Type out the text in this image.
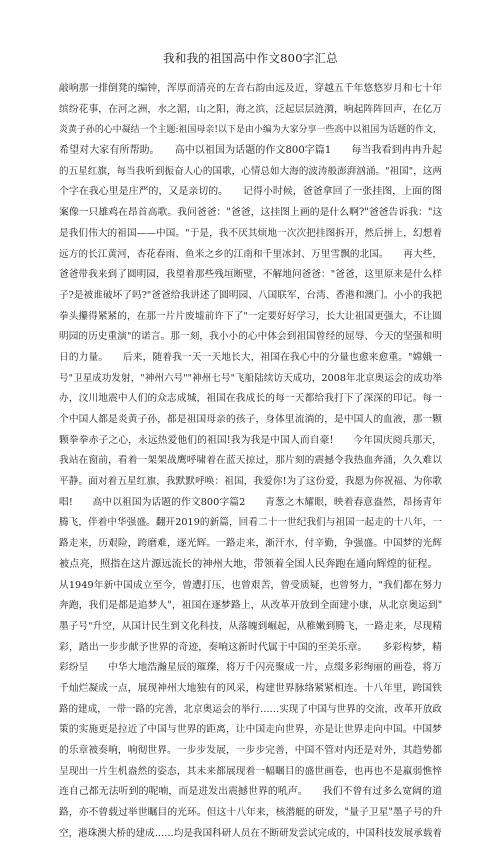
我和我的祖国高中作文800字汇总
敲响那一排倒凳的编钟，浑厚而清亮的左音右韵由远及近，穿越五千年悠悠岁月和七十年
缤纷花事，在河之洲，水之湄，山之阳，海之滨，泛起层层涟漪，响起阵阵回声，在亿万
炎黄子孙的心中凝结一个主题:祖国母亲!以下是由小编为大家分享一些高中以祖国为话题的作文，
希望对大家有所帮助。　　高中以祖国为话题的作文800字篇1　　每当我看到冉冉升起
的五星红旗，每当我听到振奋人心的国歌，心情总如大海的波涛般澎湃汹涌。"祖国"，这两
个字在我心里是庄严的，又是亲切的。　　记得小时候，爸爸拿回了一张挂图，上面的图
案像一只雄鸡在昂首高歌。我问爸爸："爸爸，这挂图上画的是什么啊?"爸爸告诉我："这
是我们伟大的祖国——中国。"于是，我不厌其烦地一次次把挂图拆开，然后拼上，幻想着
远方的长江黄河，杏花春雨、鱼米之乡的江南和千里冰封、万里雪飘的北国。　　再大些，
爸爸带我来到了圆明园，我望着那些残垣断壁，不解地问爸爸："爸爸，这里原来是什么样
子?是被谁破坏了吗?"爸爸给我讲述了圆明园、八国联军，台湾、香港和澳门。小小的我把
拳头攥得紧紧的，在那一片片废墟前许下了"一定要好好学习，长大让祖国更强大，不让圆
明园的历史重演"的诺言。那一刻，我小小的心中体会到祖国曾经的屈辱、今天的坚强和明
日的力量。　　后来，随着我一天一天地长大，祖国在我心中的分量也愈来愈重。"嫦娥一
号"卫星成功发射，"神州六号""神州七号"飞船陆续访天成功，2008年北京奥运会的成功举
办，汶川地震中人们的众志成城，祖国在我成长的每一天都给我打下了深深的印记。每一
个中国人都是炎黄子孙，都是祖国母亲的孩子，身体里流淌的，是中国人的血液，那一颗
颗拳拳赤子之心，永远热爱他们的祖国!我为我是中国人而自豪!　　今年国庆阅兵那天，
我站在窗前，看着一架架战鹰呼啸着在蓝天掠过，那片刻的震撼令我热血奔涌，久久难以
平静。面对着五星红旗，我默默呼唤：祖国，我爱你!为了这份爱，我愿为你祝福、为你歌
唱!　　高中以祖国为话题的作文800字篇2　　青葱之木耀眼，映着春意盎然，昂扬青年
腾飞，伴着中华强盛。翻开2019的新篇，回看二十一世纪我们与祖国一起走的十八年，一
路走来，历艰险，跨磨难，逐光辉。一路走来，渐汗水，付辛勤，争强盛。中国梦的光辉
被点亮，照指在这片源远流长的神州大地，带领着全国人民奔跑在通向辉煌的征程。
从1949年新中国成立至今，曾遭打压，也曾艰苦，曾受质疑，也曾努力，"我们都在努力
奔跑，我们是都是追梦人"，祖国在逐梦路上，从改革开放到全面建小康，从北京奥运到"
墨子号"升空，从国计民生到文化科技，从落魄到崛起，从稚嫩到腾飞，一路走来，尽现精
彩，踏出一步步献予世界的奇迹，奏响这新时代属于中国的至美乐章。　　多彩构梦，精
彩纷呈　　中华大地浩瀚星辰的璀璨，将万千闪亮聚成一片，点缀多彩绚丽的画卷，将万
千灿烂凝成一点，展现神州大地独有的风采，构建世界脉络紧紧相连。十八年里，跨国铁
路的建成，一带一路的完善，北京奥运会的举行……实现了中国与世界的交流，改革开放政
策的实施更是拉近了中国与世界的距离，让中国走向世界，亦是让世界走向中国。中国梦
的乐章被奏响，响彻世界。一步步发展，一步步完善，中国不管对内还是对外，其趋势都
呈现出一片生机盎然的姿态，其未来都展现着一幅瞩目的盛世画卷，也再也不是羸弱憔悴
连自己都无法听到的呢喃，而是进发出震撼世界的吼声。　　我们不曾有过多么宽阔的道
路，亦不曾载过举世瞩目的光环。但这十八年来，核潜艇的研发，"量子卫星"墨子号的升
空，港珠澳大桥的建成……均是我国科研人员在不断研发尝试完成的，中国科技发展承载着
